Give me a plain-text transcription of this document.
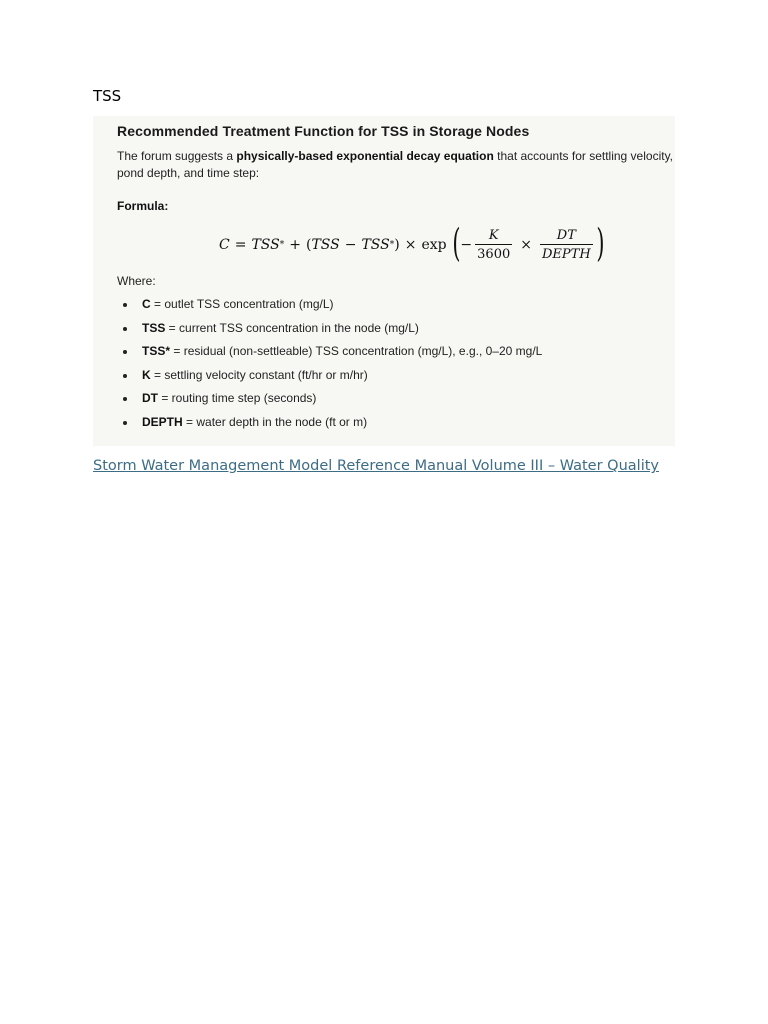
TSS
Recommended Treatment Function for TSS in Storage Nodes
The forum suggests a physically-based exponential decay equation that accounts for settling velocity, pond depth, and time step:
Formula:
C = TSS * + ( TSS − TSS * ) × exp ( − $\frac{K}{3600} \times \frac{DT}{\text{DEPTH}}$ )
Where:
C = outlet TSS concentration (mg/L)
TSS = current TSS concentration in the node (mg/L)
TSS* = residual (non-settleable) TSS concentration (mg/L), e.g., 0–20 mg/L
K = settling velocity constant (ft/hr or m/hr)
DT = routing time step (seconds)
DEPTH = water depth in the node (ft or m)
Storm Water Management Model Reference Manual Volume III – Water Quality
